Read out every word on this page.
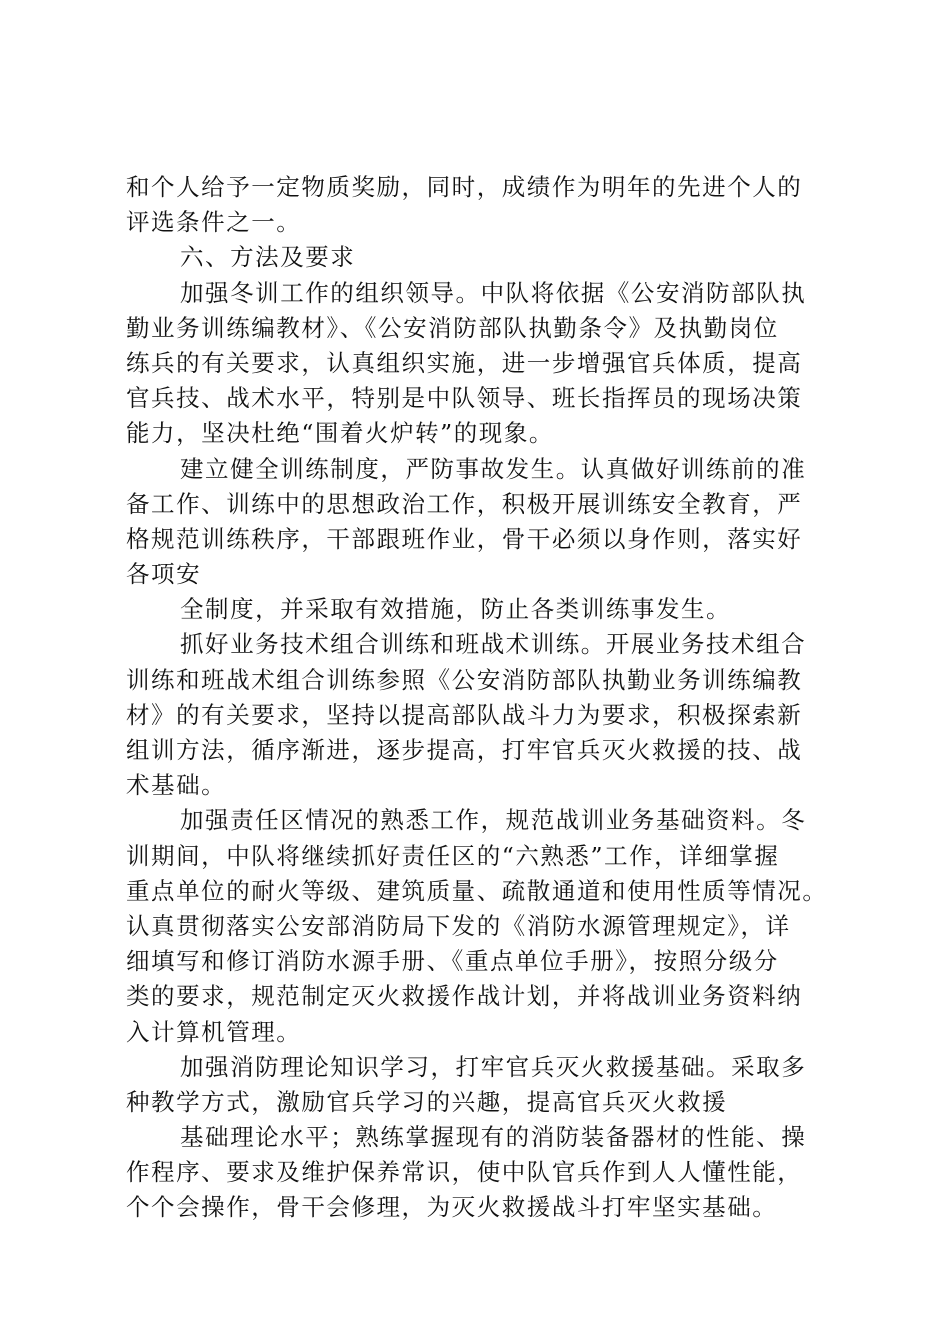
和个人给予一定物质奖励，同时，成绩作为明年的先进个人的
评选条件之一。
六、方法及要求
加强冬训工作的组织领导。中队将依据《公安消防部队执
勤业务训练编教材》、《公安消防部队执勤条令》及执勤岗位
练兵的有关要求，认真组织实施，进一步增强官兵体质，提高
官兵技、战术水平，特别是中队领导、班长指挥员的现场决策
能力，坚决杜绝“围着火炉转”的现象。
建立健全训练制度，严防事故发生。认真做好训练前的准
备工作、训练中的思想政治工作，积极开展训练安全教育，严
格规范训练秩序，干部跟班作业，骨干必须以身作则，落实好
各项安
全制度，并采取有效措施，防止各类训练事发生。
抓好业务技术组合训练和班战术训练。开展业务技术组合
训练和班战术组合训练参照《公安消防部队执勤业务训练编教
材》的有关要求，坚持以提高部队战斗力为要求，积极探索新
组训方法，循序渐进，逐步提高，打牢官兵灭火救援的技、战
术基础。
加强责任区情况的熟悉工作，规范战训业务基础资料。冬
训期间，中队将继续抓好责任区的“六熟悉”工作，详细掌握
重点单位的耐火等级、建筑质量、疏散通道和使用性质等情况。
认真贯彻落实公安部消防局下发的《消防水源管理规定》，详
细填写和修订消防水源手册、《重点单位手册》，按照分级分
类的要求，规范制定灭火救援作战计划，并将战训业务资料纳
入计算机管理。
加强消防理论知识学习，打牢官兵灭火救援基础。采取多
种教学方式，激励官兵学习的兴趣，提高官兵灭火救援
基础理论水平；熟练掌握现有的消防装备器材的性能、操
作程序、要求及维护保养常识，使中队官兵作到人人懂性能，
个个会操作，骨干会修理，为灭火救援战斗打牢坚实基础。
